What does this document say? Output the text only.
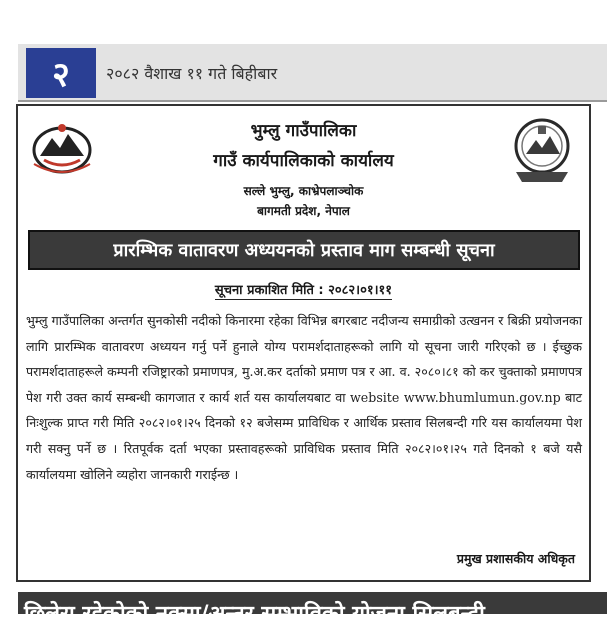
२	२०८२ वैशाख ११ गते बिहीबार
भुम्लु गाउँपालिका
गाउँ कार्यपालिकाको कार्यालय
सल्ले भुम्लु, काभ्रेपलाञ्चोक
बागमती प्रदेश, नेपाल
प्रारम्भिक वातावरण अध्ययनको प्रस्ताव माग सम्बन्धी सूचना
सूचना प्रकाशित मिति : २०८२।०१।११

भुम्लु गाउँपालिका अन्तर्गत सुनकोसी नदीको किनारमा रहेका विभिन्न बगरबाट नदीजन्य समाग्रीको उत्खनन र बिक्री प्रयोजनका लागि प्रारम्भिक वातावरण अध्ययन गर्नु पर्ने हुनाले योग्य परामर्शदाताहरूको लागि यो सूचना जारी गरिएको छ । ईच्छुक परामर्शदाताहरूले कम्पनी रजिष्ट्रारको प्रमाणपत्र, मु.अ.कर दर्ताको प्रमाण पत्र र आ. व. २०८०।८१ को कर चुक्ताको प्रमाणपत्र पेश गरी उक्त कार्य सम्बन्धी कागजात र कार्य शर्त यस कार्यालयबाट वा website www.bhumlumun.gov.np बाट निःशुल्क प्राप्त गरी मिति २०८२।०१।२५ दिनको १२ बजेसम्म प्राविधिक र आर्थिक प्रस्ताव सिलबन्दी गरि यस कार्यालयमा पेश गरी सक्नु पर्ने छ । रितपूर्वक दर्ता भएका प्रस्तावहरूको प्राविधिक प्रस्ताव मिति २०८२।०१।२५ गते दिनको १ बजे यसै कार्यालयमा खोलिने व्यहोरा जानकारी गराईन्छ ।

प्रमुख प्रशासकीय अधिकृत
छिलेरा रहेकोको नक्सा/अन्तर सम्भाविको योजना सिलबन्दी
